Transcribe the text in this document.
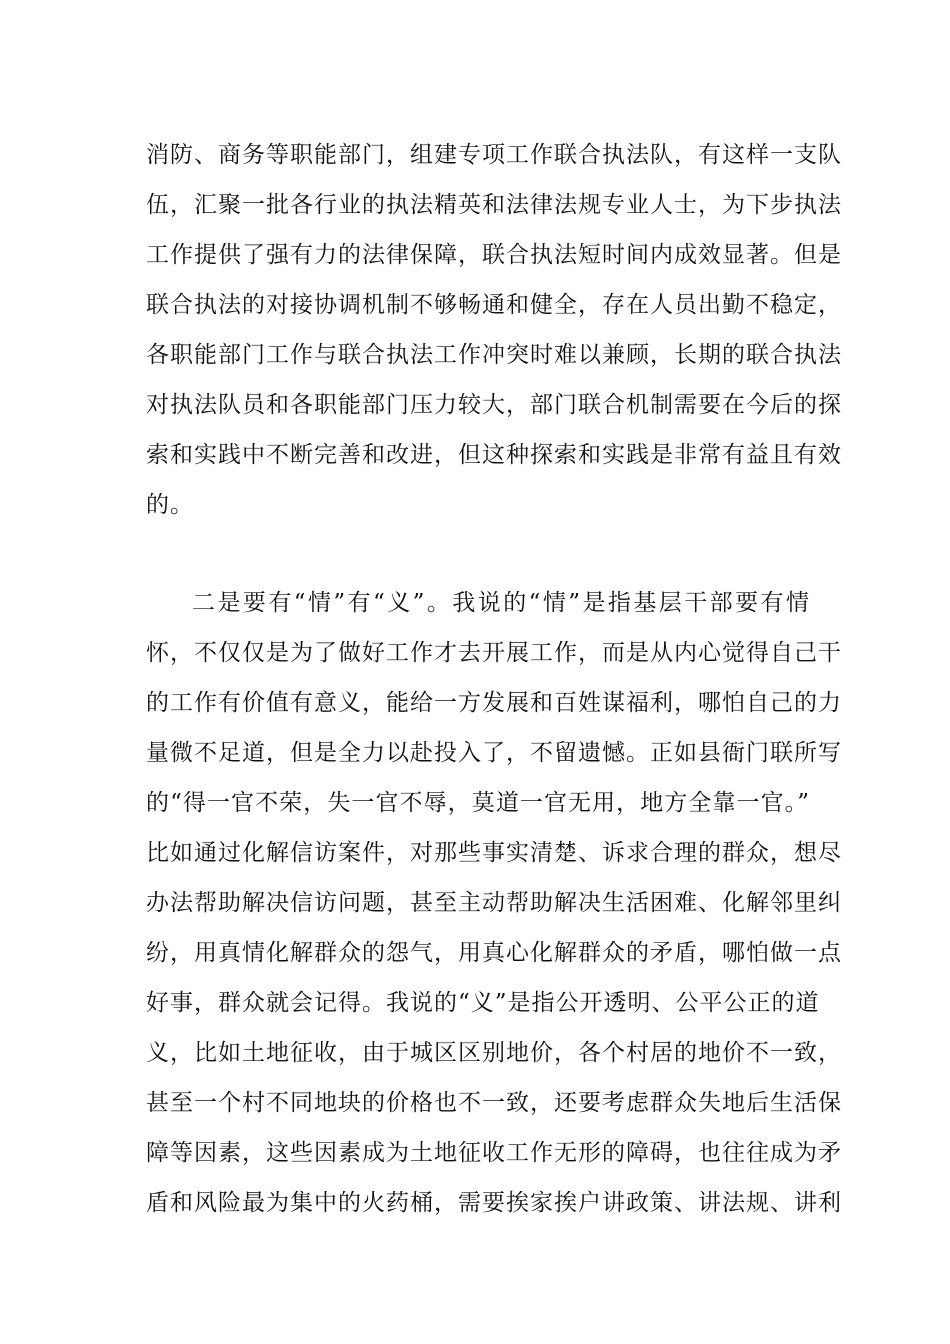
消防、商务等职能部门，组建专项工作联合执法队，有这样一支队
伍，汇聚一批各行业的执法精英和法律法规专业人士，为下步执法
工作提供了强有力的法律保障，联合执法短时间内成效显著。但是
联合执法的对接协调机制不够畅通和健全，存在人员出勤不稳定，
各职能部门工作与联合执法工作冲突时难以兼顾，长期的联合执法
对执法队员和各职能部门压力较大，部门联合机制需要在今后的探
索和实践中不断完善和改进，但这种探索和实践是非常有益且有效
的。
二是要有“情”有“义”。我说的“情”是指基层干部要有情
怀，不仅仅是为了做好工作才去开展工作，而是从内心觉得自己干
的工作有价值有意义，能给一方发展和百姓谋福利，哪怕自己的力
量微不足道，但是全力以赴投入了，不留遗憾。正如县衙门联所写
的“得一官不荣，失一官不辱，莫道一官无用，地方全靠一官。”
比如通过化解信访案件，对那些事实清楚、诉求合理的群众，想尽
办法帮助解决信访问题，甚至主动帮助解决生活困难、化解邻里纠
纷，用真情化解群众的怨气，用真心化解群众的矛盾，哪怕做一点
好事，群众就会记得。我说的“义”是指公开透明、公平公正的道
义，比如土地征收，由于城区区别地价，各个村居的地价不一致，
甚至一个村不同地块的价格也不一致，还要考虑群众失地后生活保
障等因素，这些因素成为土地征收工作无形的障碍，也往往成为矛
盾和风险最为集中的火药桶，需要挨家挨户讲政策、讲法规、讲利
